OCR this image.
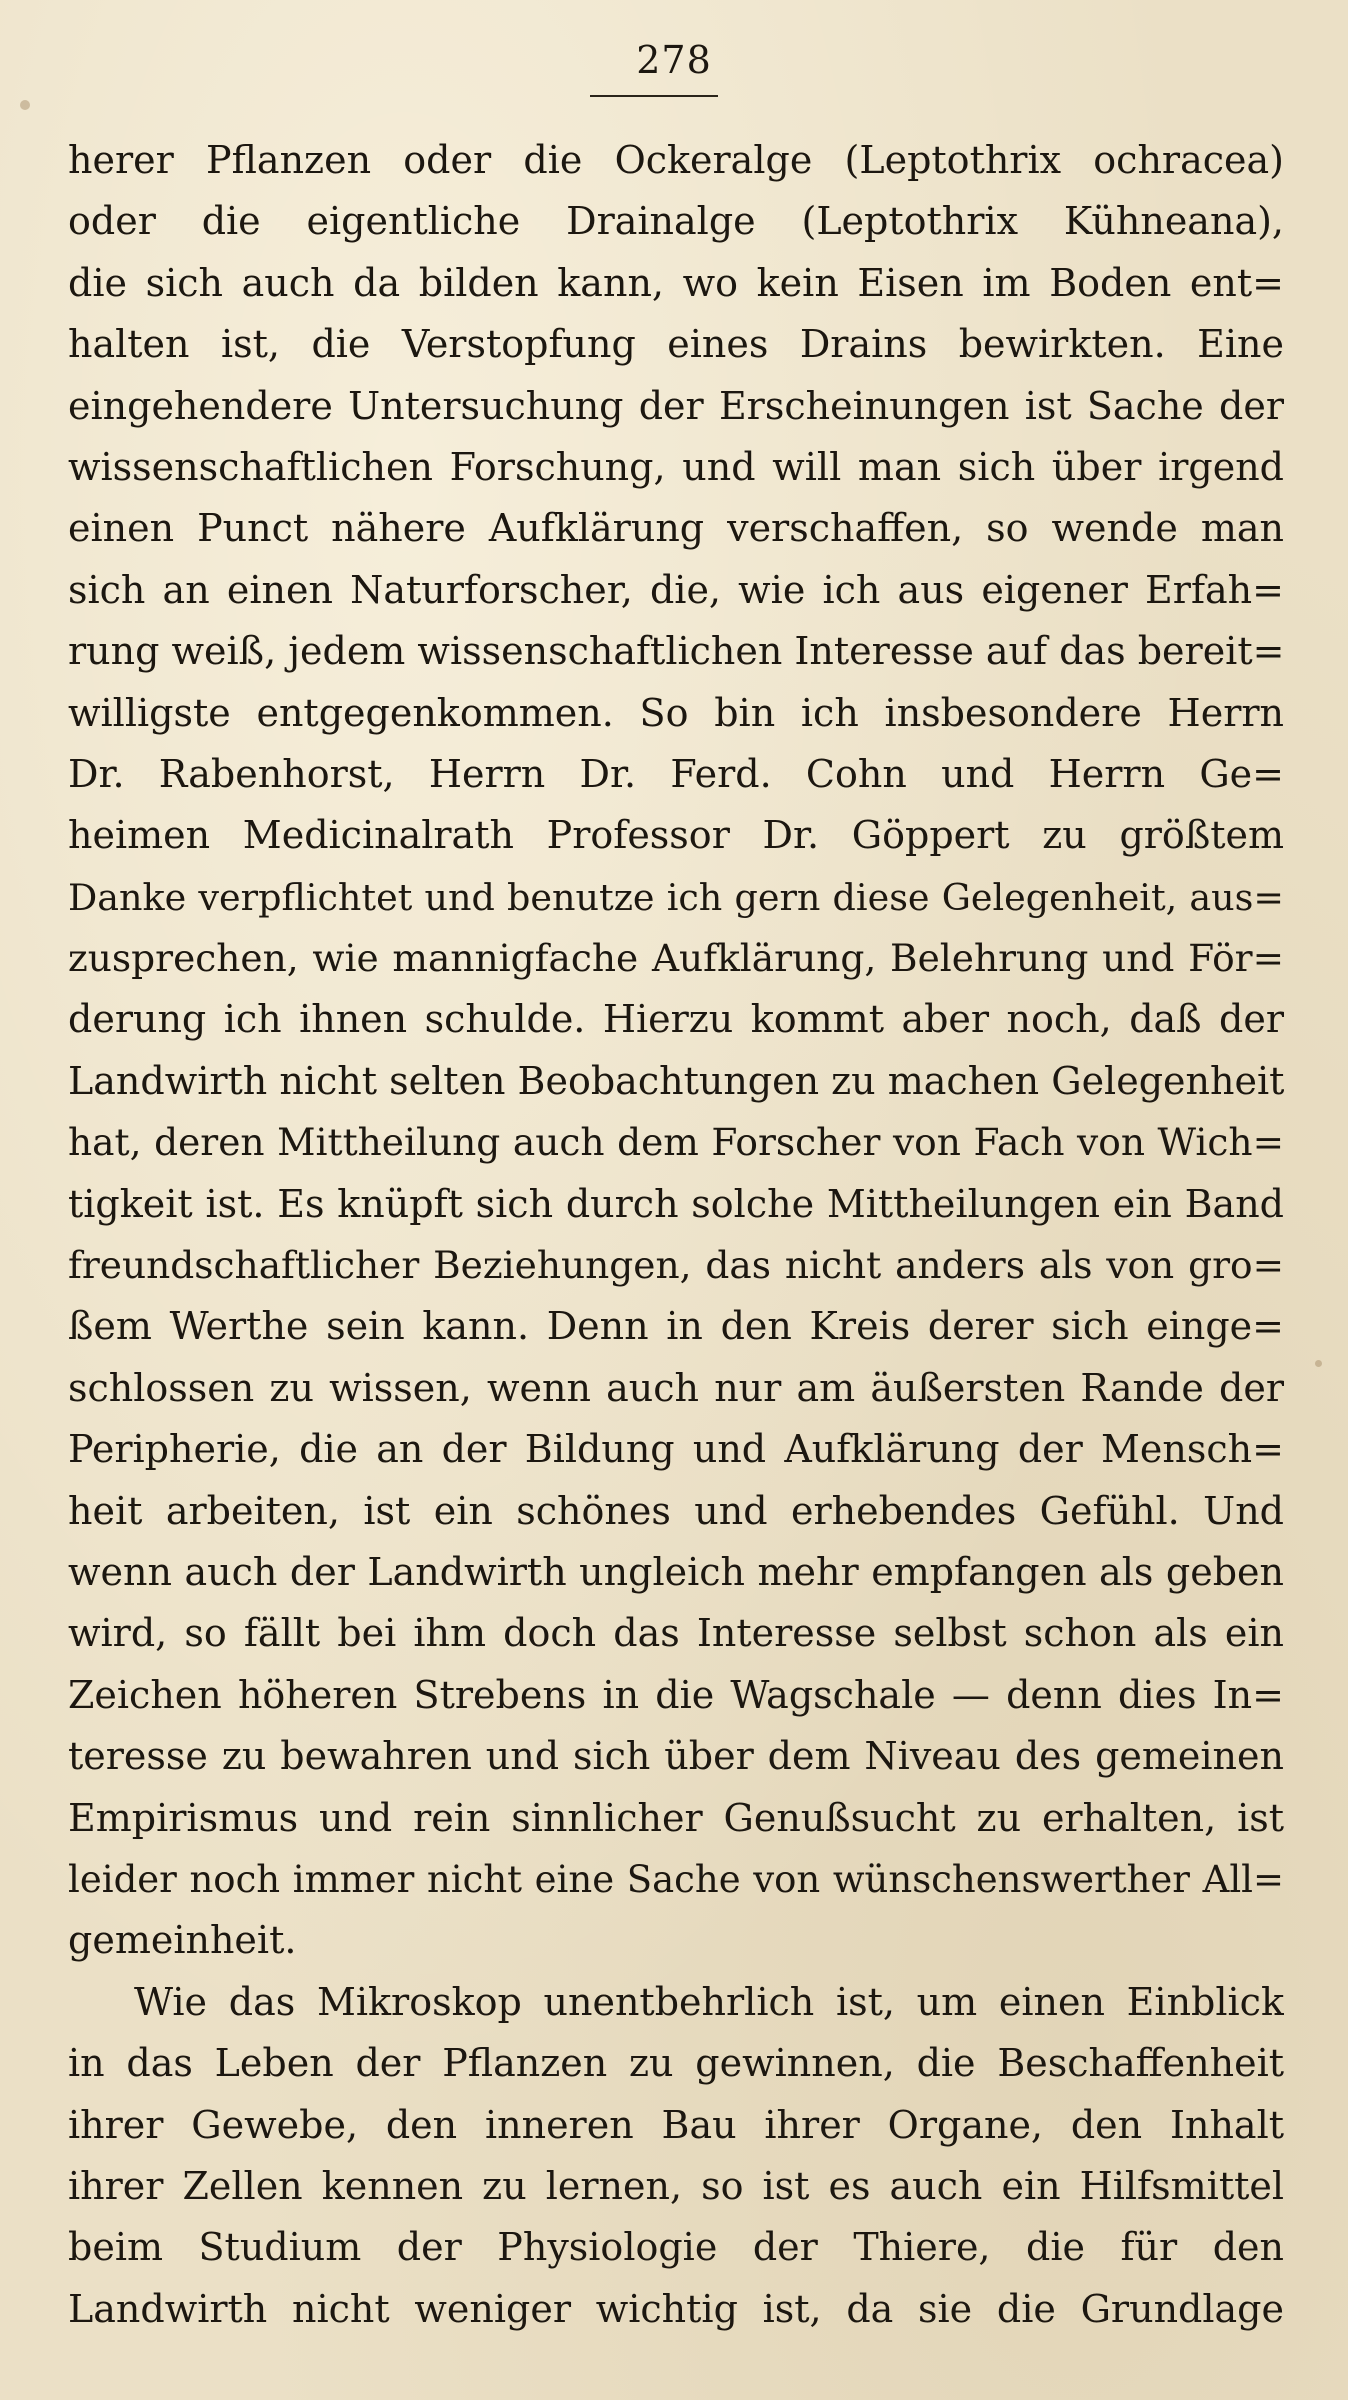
278
herer Pflanzen oder die Ockeralge (Leptothrix ochracea)
oder die eigentliche Drainalge (Leptothrix Kühneana),
die sich auch da bilden kann, wo kein Eisen im Boden ent=
halten ist, die Verstopfung eines Drains bewirkten. Eine
eingehendere Untersuchung der Erscheinungen ist Sache der
wissenschaftlichen Forschung, und will man sich über irgend
einen Punct nähere Aufklärung verschaffen, so wende man
sich an einen Naturforscher, die, wie ich aus eigener Erfah=
rung weiß, jedem wissenschaftlichen Interesse auf das bereit=
willigste entgegenkommen. So bin ich insbesondere Herrn
Dr. Rabenhorst, Herrn Dr. Ferd. Cohn und Herrn Ge=
heimen Medicinalrath Professor Dr. Göppert zu größtem
Danke verpflichtet und benutze ich gern diese Gelegenheit, aus=
zusprechen, wie mannigfache Aufklärung, Belehrung und För=
derung ich ihnen schulde. Hierzu kommt aber noch, daß der
Landwirth nicht selten Beobachtungen zu machen Gelegenheit
hat, deren Mittheilung auch dem Forscher von Fach von Wich=
tigkeit ist. Es knüpft sich durch solche Mittheilungen ein Band
freundschaftlicher Beziehungen, das nicht anders als von gro=
ßem Werthe sein kann. Denn in den Kreis derer sich einge=
schlossen zu wissen, wenn auch nur am äußersten Rande der
Peripherie, die an der Bildung und Aufklärung der Mensch=
heit arbeiten, ist ein schönes und erhebendes Gefühl. Und
wenn auch der Landwirth ungleich mehr empfangen als geben
wird, so fällt bei ihm doch das Interesse selbst schon als ein
Zeichen höheren Strebens in die Wagschale — denn dies In=
teresse zu bewahren und sich über dem Niveau des gemeinen
Empirismus und rein sinnlicher Genußsucht zu erhalten, ist
leider noch immer nicht eine Sache von wünschenswerther All=
gemeinheit.
Wie das Mikroskop unentbehrlich ist, um einen Einblick
in das Leben der Pflanzen zu gewinnen, die Beschaffenheit
ihrer Gewebe, den inneren Bau ihrer Organe, den Inhalt
ihrer Zellen kennen zu lernen, so ist es auch ein Hilfsmittel
beim Studium der Physiologie der Thiere, die für den
Landwirth nicht weniger wichtig ist, da sie die Grundlage
